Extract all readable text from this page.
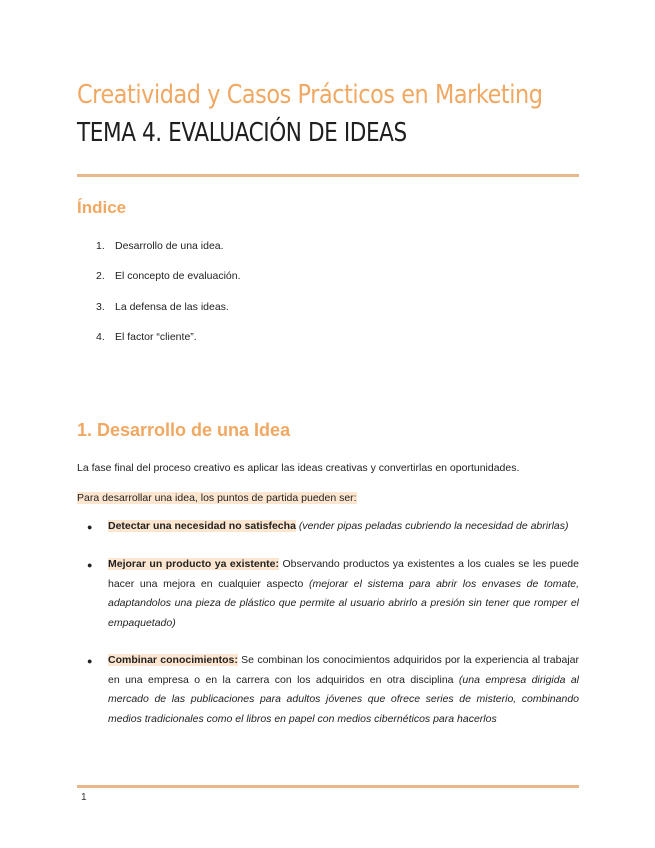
Creatividad y Casos Prácticos en Marketing
TEMA 4. EVALUACIÓN DE IDEAS
Índice
1. Desarrollo de una idea.
2. El concepto de evaluación.
3. La defensa de las ideas.
4. El factor “cliente”.
1. Desarrollo de una Idea
La fase final del proceso creativo es aplicar las ideas creativas y convertirlas en oportunidades.
Para desarrollar una idea, los puntos de partida pueden ser:
●	Detectar una necesidad no satisfecha (vender pipas peladas cubriendo la necesidad de abrirlas)
●	Mejorar un producto ya existente: Observando productos ya existentes a los cuales se les puede hacer una mejora en cualquier aspecto (mejorar el sistema para abrir los envases de tomate, adaptandolos una pieza de plástico que permite al usuario abrirlo a presión sin tener que romper el empaquetado)
●	Combinar conocimientos: Se combinan los conocimientos adquiridos por la experiencia al trabajar en una empresa o en la carrera con los adquiridos en otra disciplina (una empresa dirigida al mercado de las publicaciones para adultos jóvenes que ofrece series de misterio, combinando medios tradicionales como el libros en papel con medios cibernéticos para hacerlos
1
